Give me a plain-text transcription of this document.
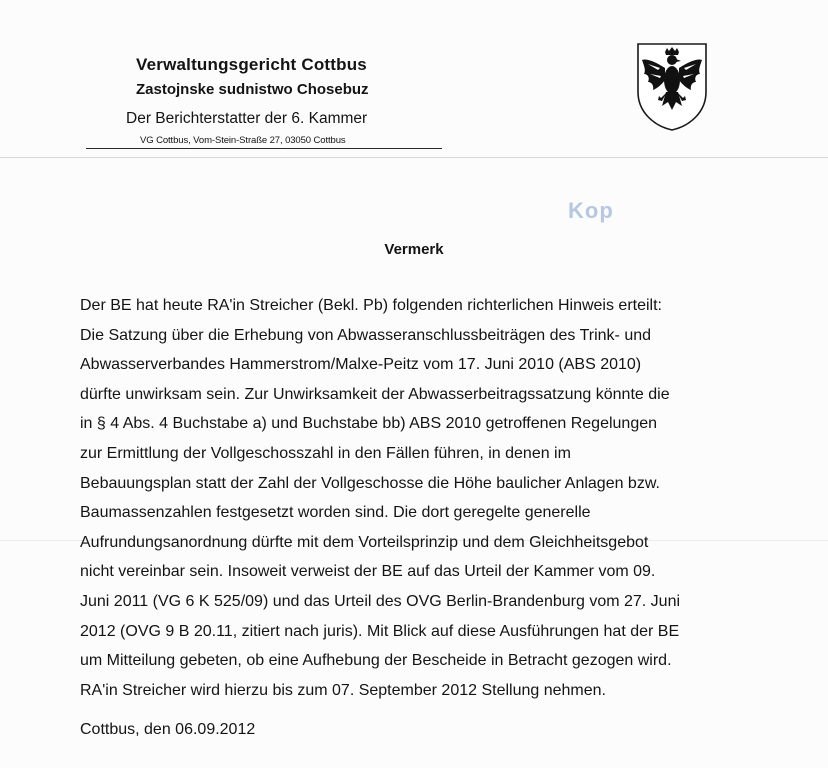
Verwaltungsgericht Cottbus
Zastojnske sudnistwo Chosebuz
Der Berichterstatter der 6. Kammer
VG Cottbus, Vom-Stein-Straße 27, 03050 Cottbus
Kop
Vermerk
Der BE hat heute RA'in Streicher (Bekl. Pb) folgenden richterlichen Hinweis erteilt:
Die Satzung über die Erhebung von Abwasseranschlussbeiträgen des Trink- und
Abwasserverbandes Hammerstrom/Malxe-Peitz vom 17. Juni 2010 (ABS 2010)
dürfte unwirksam sein. Zur Unwirksamkeit der Abwasserbeitragssatzung könnte die
in § 4 Abs. 4 Buchstabe a) und Buchstabe bb) ABS 2010 getroffenen Regelungen
zur Ermittlung der Vollgeschosszahl in den Fällen führen, in denen im
Bebauungsplan statt der Zahl der Vollgeschosse die Höhe baulicher Anlagen bzw.
Baumassenzahlen festgesetzt worden sind. Die dort geregelte generelle
Aufrundungsanordnung dürfte mit dem Vorteilsprinzip und dem Gleichheitsgebot
nicht vereinbar sein. Insoweit verweist der BE auf das Urteil der Kammer vom 09.
Juni 2011 (VG 6 K 525/09) und das Urteil des OVG Berlin-Brandenburg vom 27. Juni
2012 (OVG 9 B 20.11, zitiert nach juris). Mit Blick auf diese Ausführungen hat der BE
um Mitteilung gebeten, ob eine Aufhebung der Bescheide in Betracht gezogen wird.
RA'in Streicher wird hierzu bis zum 07. September 2012 Stellung nehmen.
Cottbus, den 06.09.2012
